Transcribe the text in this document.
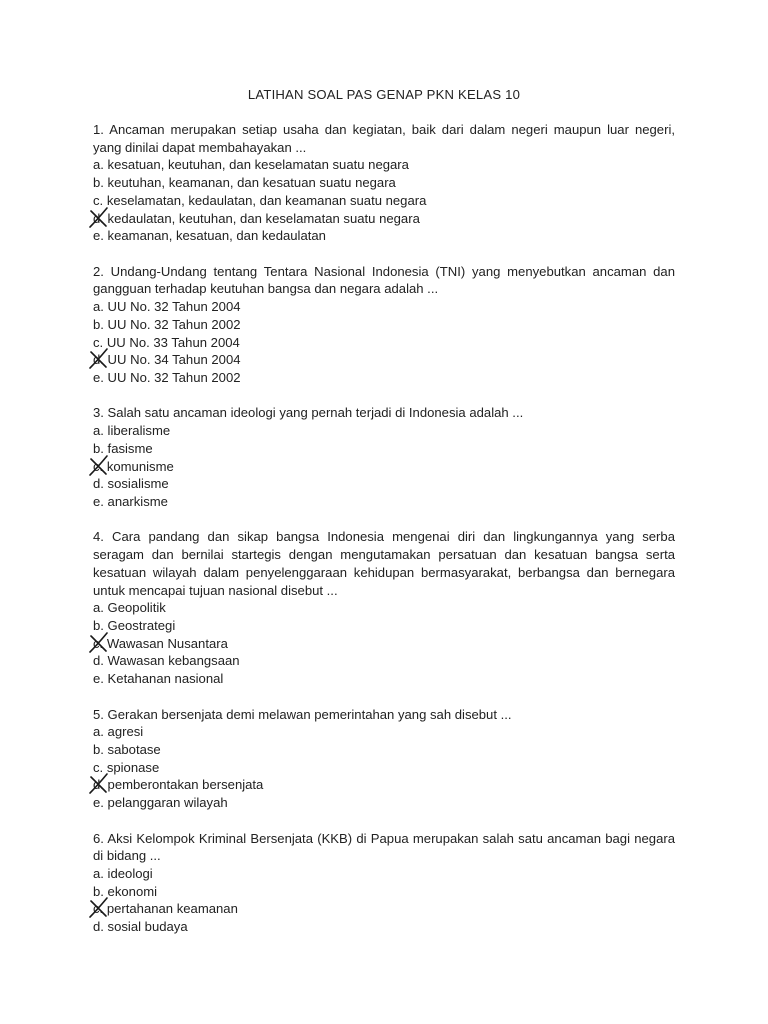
LATIHAN SOAL PAS GENAP PKN KELAS 10
1. Ancaman merupakan setiap usaha dan kegiatan, baik dari dalam negeri maupun luar negeri, yang dinilai dapat membahayakan ...
a. kesatuan, keutuhan, dan keselamatan suatu negara
b. keutuhan, keamanan, dan kesatuan suatu negara
c. keselamatan, kedaulatan, dan keamanan suatu negara
d. kedaulatan, keutuhan, dan keselamatan suatu negara
e. keamanan, kesatuan, dan kedaulatan
2. Undang-Undang tentang Tentara Nasional Indonesia (TNI) yang menyebutkan ancaman dan gangguan terhadap keutuhan bangsa dan negara adalah ...
a. UU No. 32 Tahun 2004
b. UU No. 32 Tahun 2002
c. UU No. 33 Tahun 2004
d. UU No. 34 Tahun 2004
e. UU No. 32 Tahun 2002
3. Salah satu ancaman ideologi yang pernah terjadi di Indonesia adalah ...
a. liberalisme
b. fasisme
c. komunisme
d. sosialisme
e. anarkisme
4. Cara pandang dan sikap bangsa Indonesia mengenai diri dan lingkungannya yang serba seragam dan bernilai startegis dengan mengutamakan persatuan dan kesatuan bangsa serta kesatuan wilayah dalam penyelenggaraan kehidupan bermasyarakat, berbangsa dan bernegara untuk mencapai tujuan nasional disebut ...
a. Geopolitik
b. Geostrategi
c. Wawasan Nusantara
d. Wawasan kebangsaan
e. Ketahanan nasional
5. Gerakan bersenjata demi melawan pemerintahan yang sah disebut ...
a. agresi
b. sabotase
c. spionase
d. pemberontakan bersenjata
e. pelanggaran wilayah
6. Aksi Kelompok Kriminal Bersenjata (KKB) di Papua merupakan salah satu ancaman bagi negara di bidang ...
a. ideologi
b. ekonomi
c. pertahanan keamanan
d. sosial budaya
